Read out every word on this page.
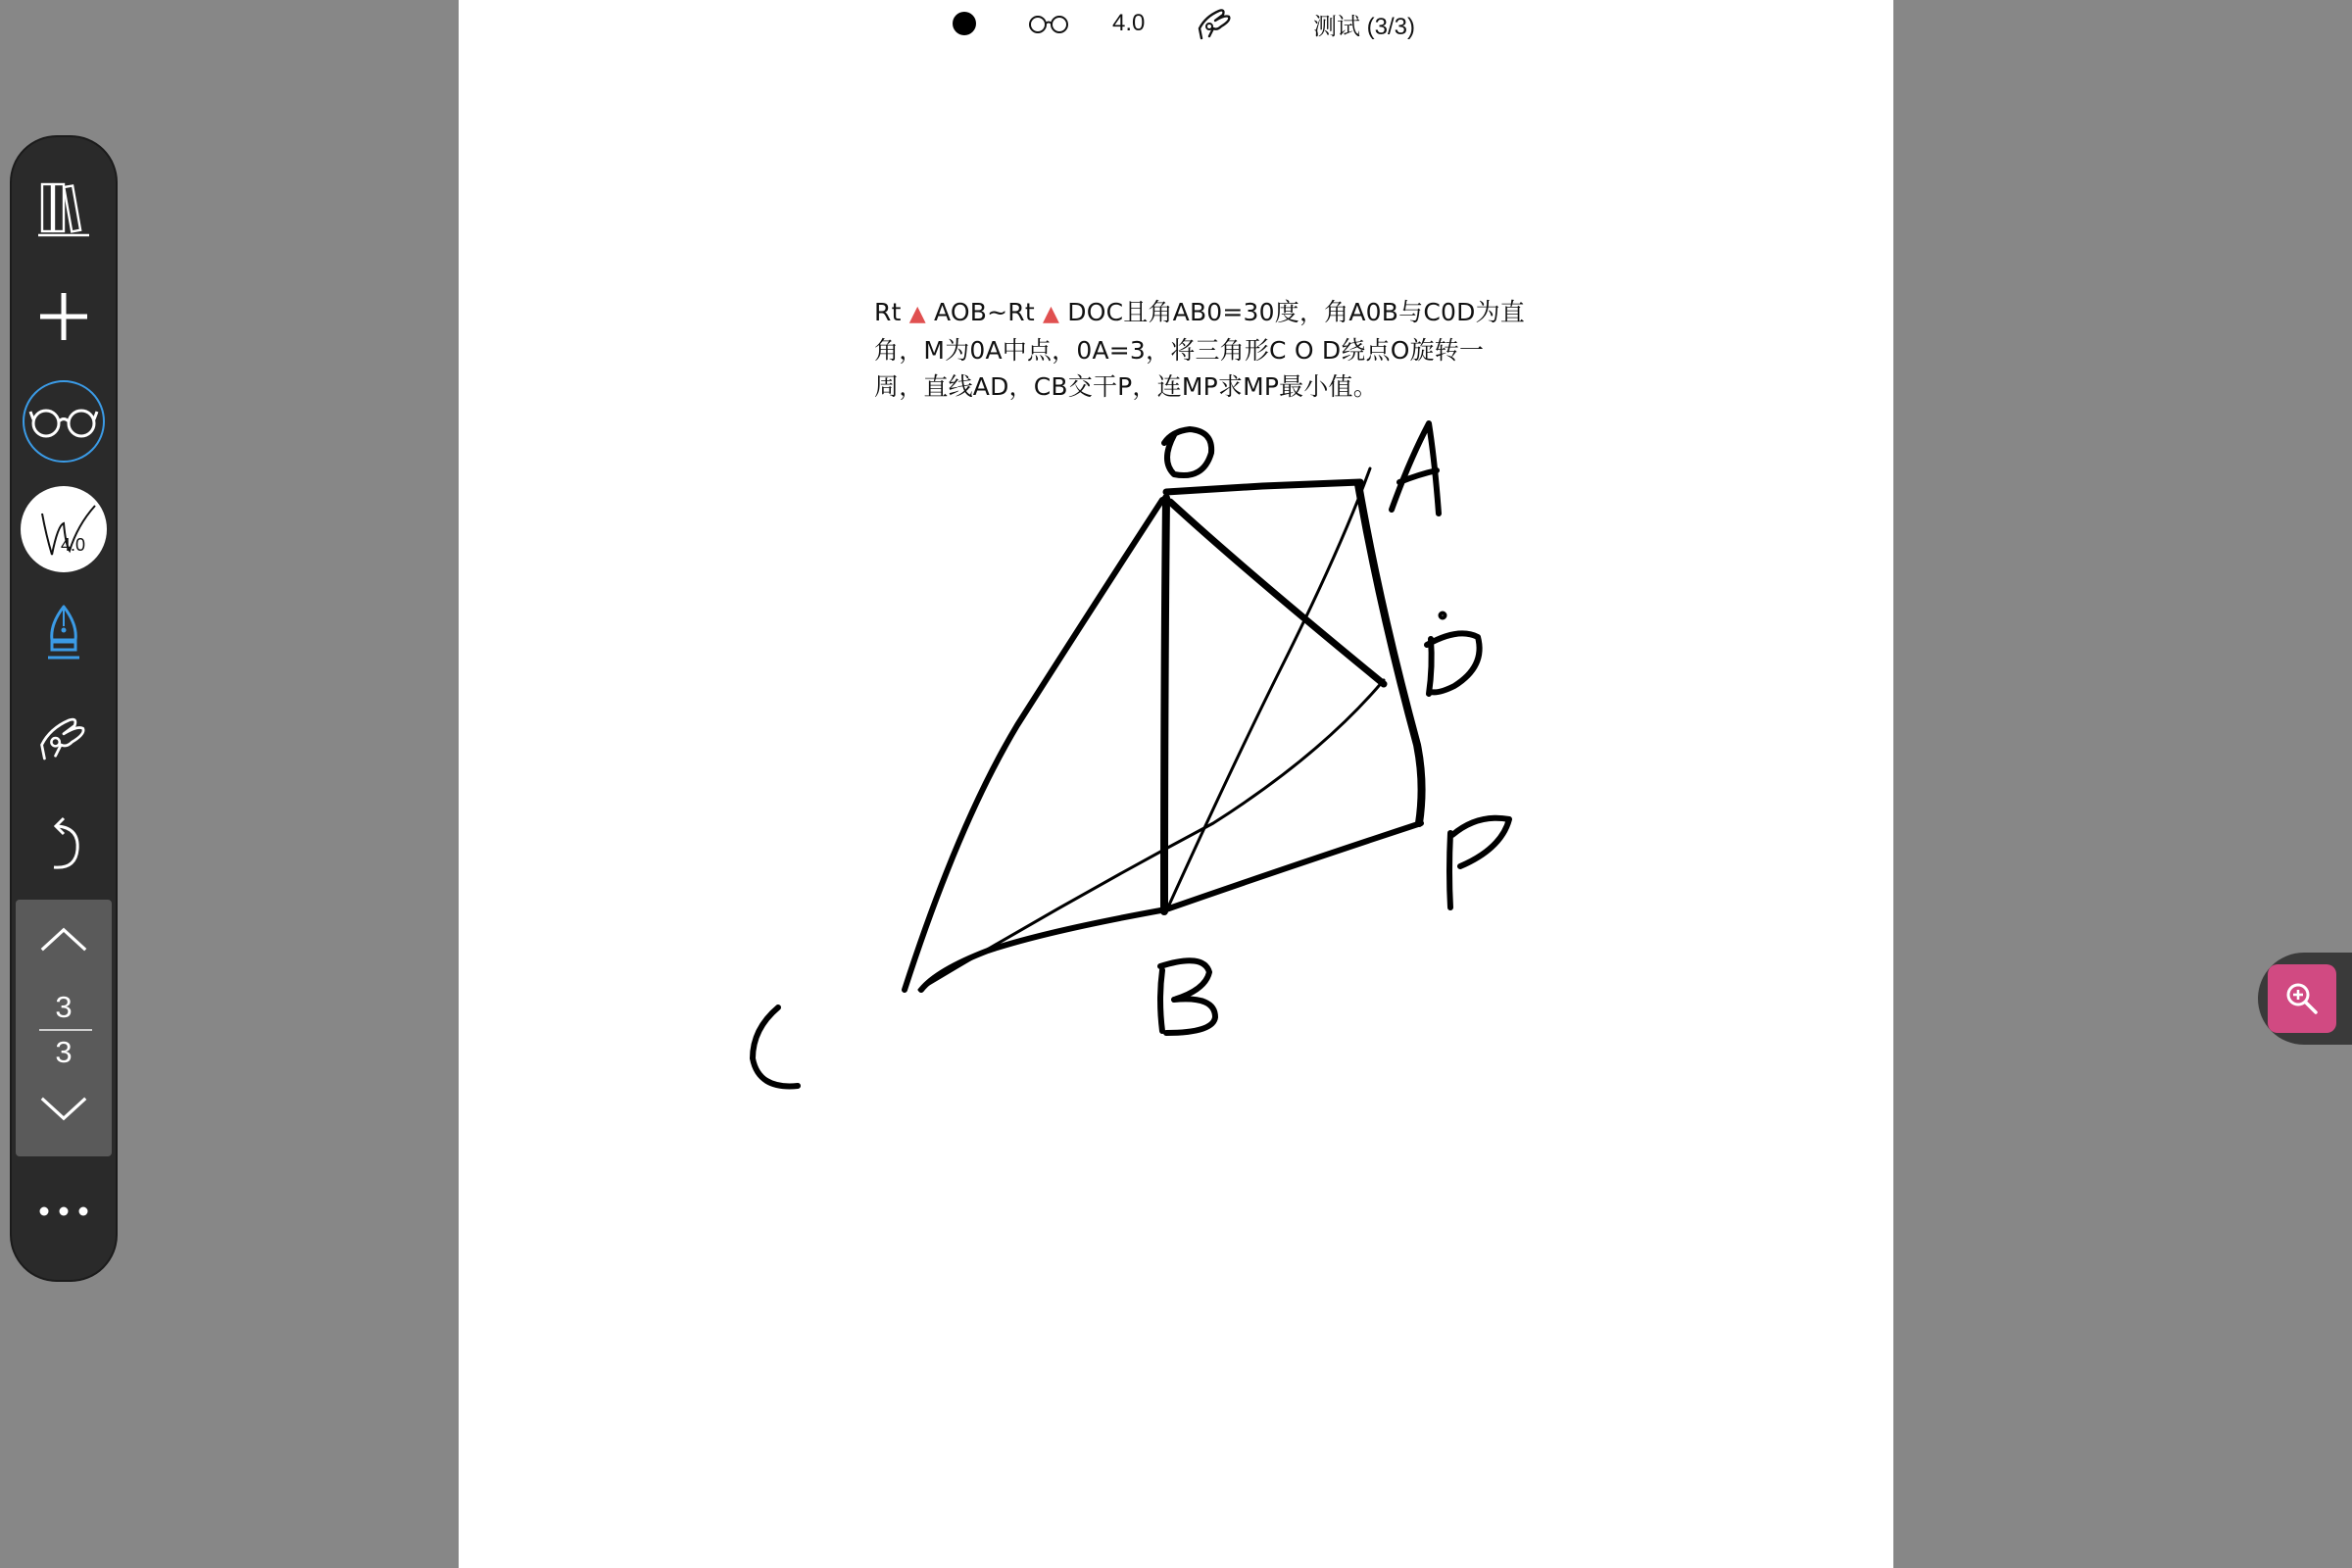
4.0	测试 (3/3)
Rt ▲ AOB~Rt ▲ DOC且角AB0=30度，角A0B与C0D为直
角，M为0A中点，0A=3，将三角形C O D绕点O旋转一
周，直线AD，CB交干P，连MP求MP最小值。
4.0
3
3
